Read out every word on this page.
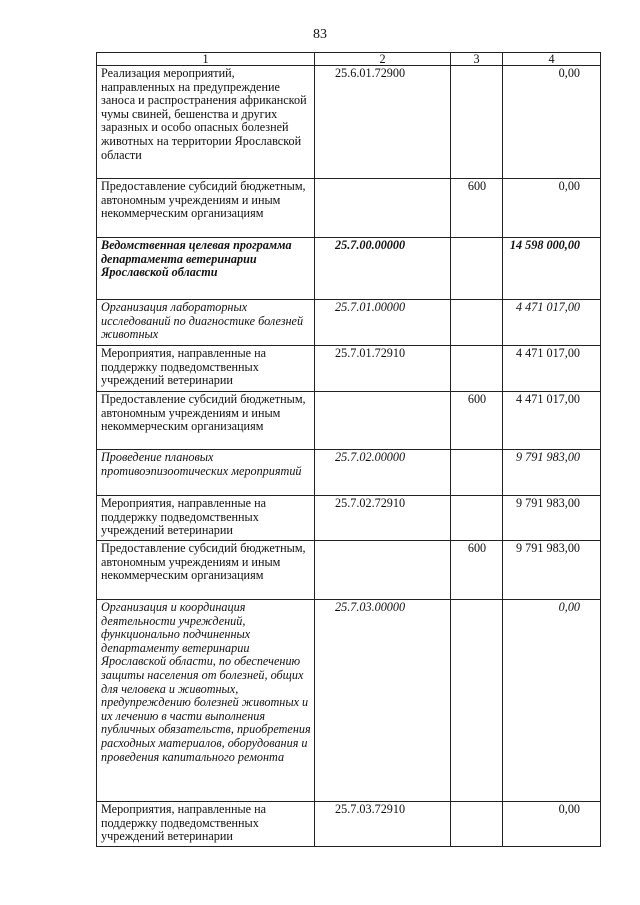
83
1	2	3	4
Реализация мероприятий, направленных на предупреждение заноса и распространения африканской чумы свиней, бешенства и других заразных и особо опасных болезней животных на территории Ярославской области	25.6.01.72900		0,00
Предоставление субсидий бюджетным, автономным учреждениям и иным некоммерческим организациям		600	0,00
Ведомственная целевая программа департамента ветеринарии Ярославской области	25.7.00.00000		14 598 000,00
Организация лабораторных исследований по диагностике болезней животных	25.7.01.00000		4 471 017,00
Мероприятия, направленные на поддержку подведомственных учреждений ветеринарии	25.7.01.72910		4 471 017,00
Предоставление субсидий бюджетным, автономным учреждениям и иным некоммерческим организациям		600	4 471 017,00
Проведение плановых противоэпизоотических мероприятий	25.7.02.00000		9 791 983,00
Мероприятия, направленные на поддержку подведомственных учреждений ветеринарии	25.7.02.72910		9 791 983,00
Предоставление субсидий бюджетным, автономным учреждениям и иным некоммерческим организациям		600	9 791 983,00
Организация и координация деятельности учреждений, функционально подчиненных департаменту ветеринарии Ярославской области, по обеспечению защиты населения от болезней, общих для человека и животных, предупреждению болезней животных и их лечению в части выполнения публичных обязательств, приобретения расходных материалов, оборудования и проведения капитального ремонта	25.7.03.00000		0,00
Мероприятия, направленные на поддержку подведомственных учреждений ветеринарии	25.7.03.72910		0,00
